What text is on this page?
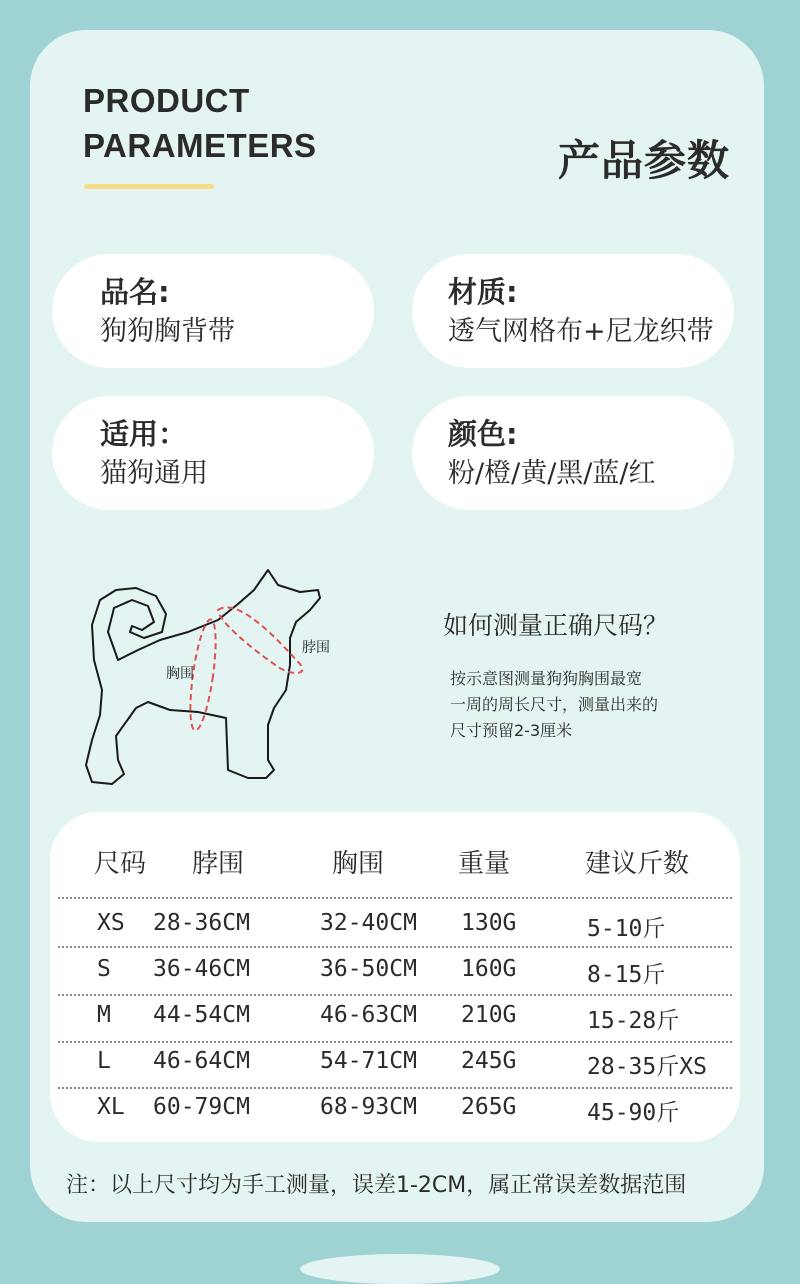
PRODUCT
PARAMETERS	产品参数
品名:
狗狗胸背带
材质:
透气网格布+尼龙织带
适用：
猫狗通用
颜色:
粉/橙/黄/黑/蓝/红
脖围
胸围
如何测量正确尺码？
按示意图测量狗狗胸围最宽
一周的周长尺寸，测量出来的
尺寸预留2-3厘米
尺码 脖围	胸围	重量	建议斤数
XS 28-36CM	32-40CM 130G	5-10斤
S 36-46CM	36-50CM 160G	8-15斤
M 44-54CM	46-63CM 210G	15-28斤
L 46-64CM	54-71CM 245G	28-35斤XS
XL 60-79CM	68-93CM 265G	45-90斤
注：以上尺寸均为手工测量，误差1-2CM，属正常误差数据范围
